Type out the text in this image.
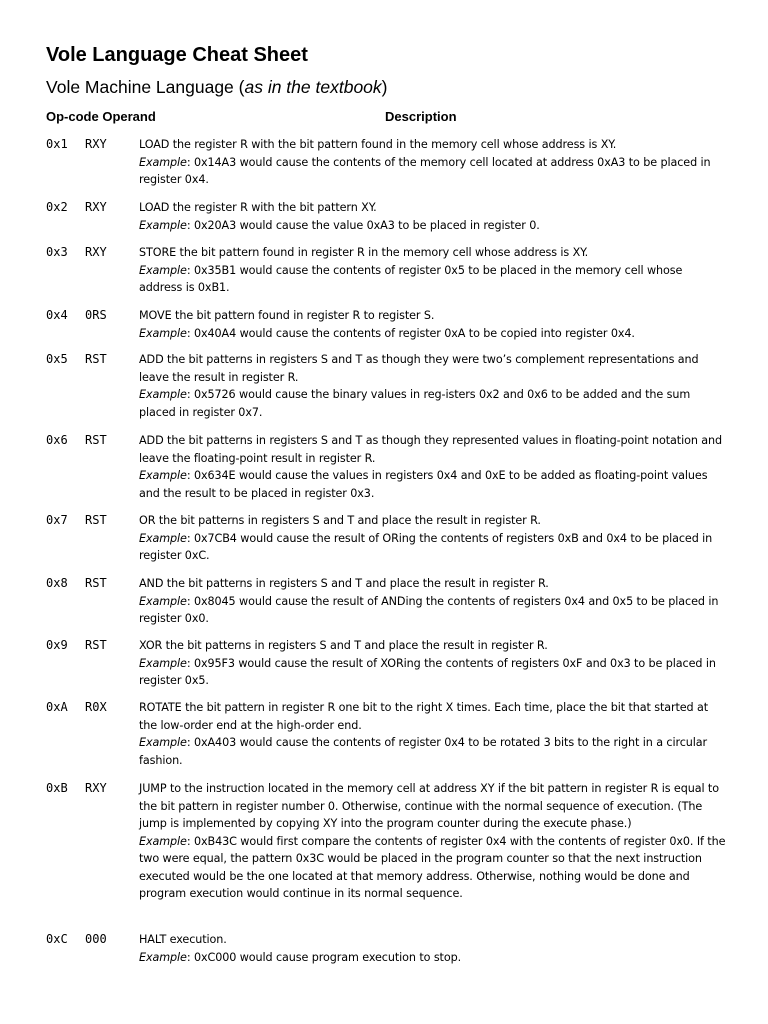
Vole Language Cheat Sheet
Vole Machine Language (as in the textbook)
Op-code Operand	Description
0x1 RXY	LOAD the register R with the bit pattern found in the memory cell whose address is XY.
Example: 0x14A3 would cause the contents of the memory cell located at address 0xA3 to be placed in register 0x4.
0x2 RXY	LOAD the register R with the bit pattern XY.
Example: 0x20A3 would cause the value 0xA3 to be placed in register 0.
0x3 RXY	STORE the bit pattern found in register R in the memory cell whose address is XY.
Example: 0x35B1 would cause the contents of register 0x5 to be placed in the memory cell whose address is 0xB1.
0x4 0RS	MOVE the bit pattern found in register R to register S.
Example: 0x40A4 would cause the contents of register 0xA to be copied into register 0x4.
0x5 RST	ADD the bit patterns in registers S and T as though they were two’s complement representations and leave the result in register R.
Example: 0x5726 would cause the binary values in reg-isters 0x2 and 0x6 to be added and the sum placed in register 0x7.
0x6 RST	ADD the bit patterns in registers S and T as though they represented values in floating-point notation and leave the floating-point result in register R.
Example: 0x634E would cause the values in registers 0x4 and 0xE to be added as floating-point values and the result to be placed in register 0x3.
0x7 RST	OR the bit patterns in registers S and T and place the result in register R.
Example: 0x7CB4 would cause the result of ORing the contents of registers 0xB and 0x4 to be placed in register 0xC.
0x8 RST	AND the bit patterns in registers S and T and place the result in register R.
Example: 0x8045 would cause the result of ANDing the contents of registers 0x4 and 0x5 to be placed in register 0x0.
0x9 RST	XOR the bit patterns in registers S and T and place the result in register R.
Example: 0x95F3 would cause the result of XORing the contents of registers 0xF and 0x3 to be placed in register 0x5.
0xA R0X	ROTATE the bit pattern in register R one bit to the right X times. Each time, place the bit that started at the low-order end at the high-order end.
Example: 0xA403 would cause the contents of register 0x4 to be rotated 3 bits to the right in a circular fashion.
0xB RXY	JUMP to the instruction located in the memory cell at address XY if the bit pattern in register R is equal to the bit pattern in register number 0. Otherwise, continue with the normal sequence of execution. (The jump is implemented by copying XY into the program counter during the execute phase.)
Example: 0xB43C would first compare the contents of register 0x4 with the contents of register 0x0. If the two were equal, the pattern 0x3C would be placed in the program counter so that the next instruction executed would be the one located at that memory address. Otherwise, nothing would be done and program execution would continue in its normal sequence.
0xC 000	HALT execution.
Example: 0xC000 would cause program execution to stop.
